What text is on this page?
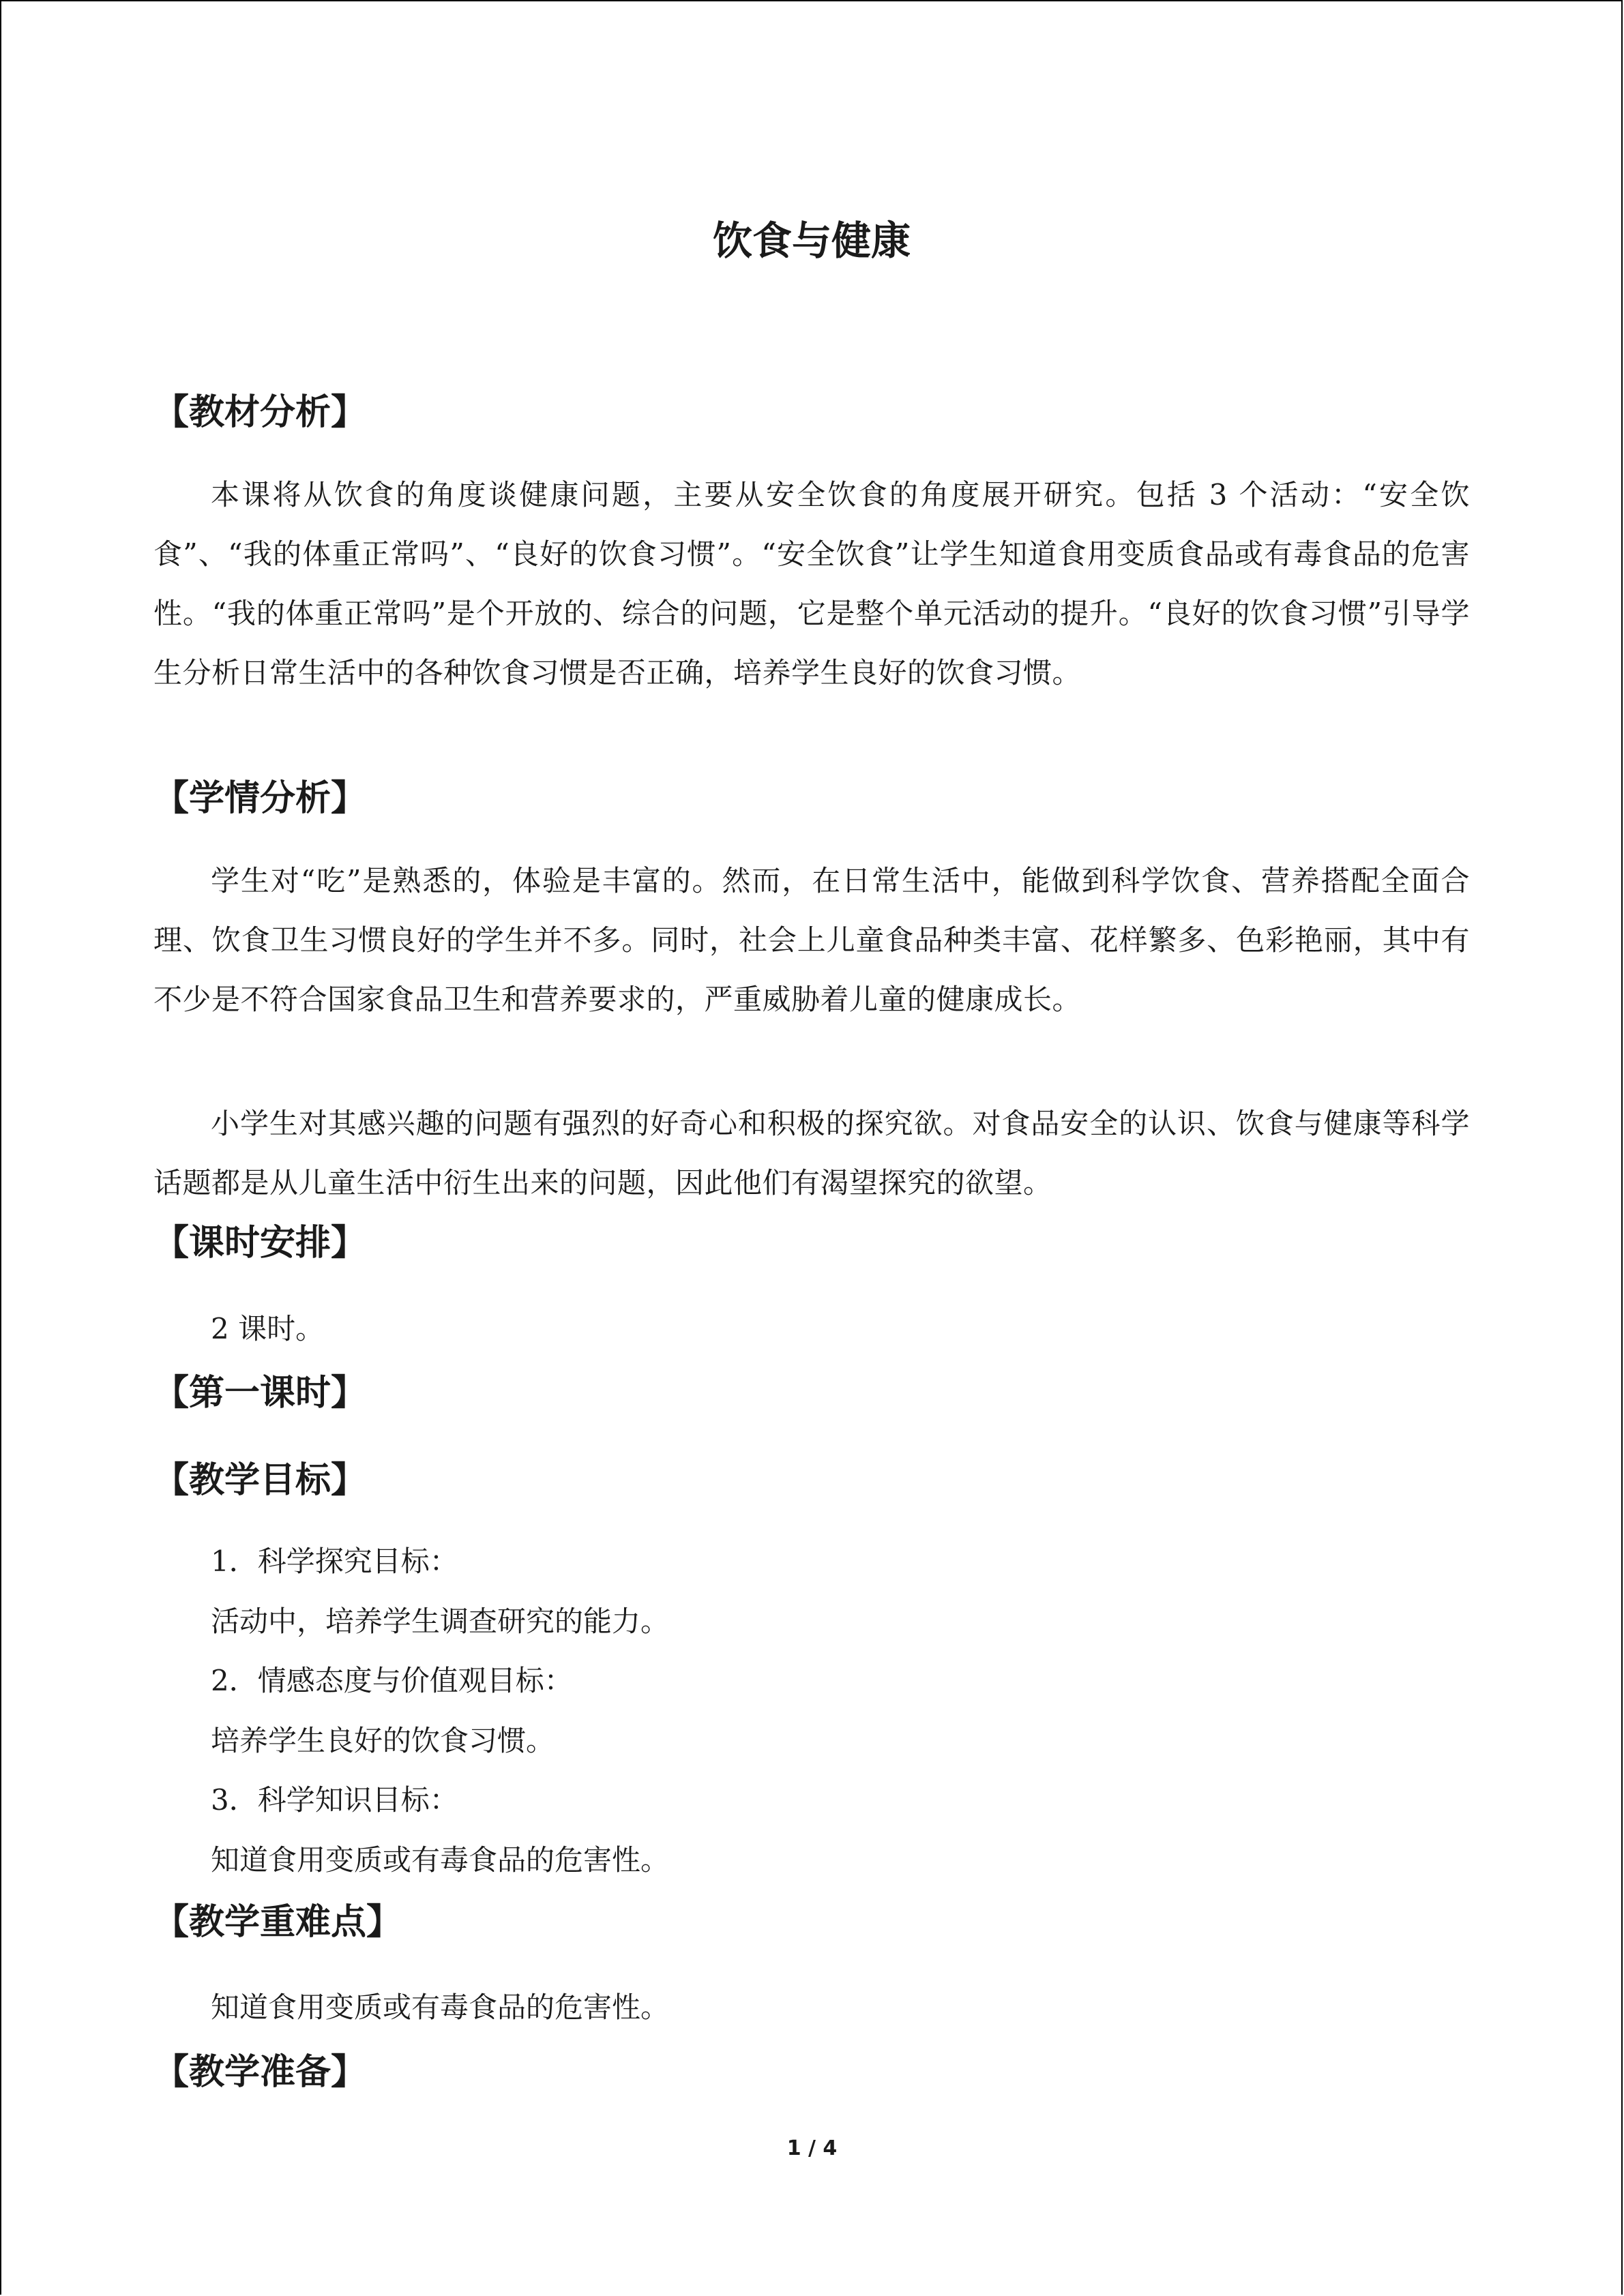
饮食与健康
【教材分析】

本课将从饮食的角度谈健康问题，主要从安全饮食的角度展开研究。包括 3 个活动：“安全饮食”、“我的体重正常吗”、“良好的饮食习惯”。“安全饮食”让学生知道食用变质食品或有毒食品的危害性。“我的体重正常吗”是个开放的、综合的问题，它是整个单元活动的提升。“良好的饮食习惯”引导学生分析日常生活中的各种饮食习惯是否正确，培养学生良好的饮食习惯。

【学情分析】

学生对“吃”是熟悉的，体验是丰富的。然而，在日常生活中，能做到科学饮食、营养搭配全面合理、饮食卫生习惯良好的学生并不多。同时，社会上儿童食品种类丰富、花样繁多、色彩艳丽，其中有不少是不符合国家食品卫生和营养要求的，严重威胁着儿童的健康成长。

小学生对其感兴趣的问题有强烈的好奇心和积极的探究欲。对食品安全的认识、饮食与健康等科学话题都是从儿童生活中衍生出来的问题，因此他们有渴望探究的欲望。

【课时安排】

2 课时。

【第一课时】
【教学目标】

1．科学探究目标：

活动中，培养学生调查研究的能力。

2．情感态度与价值观目标：

培养学生良好的饮食习惯。

3．科学知识目标：

知道食用变质或有毒食品的危害性。

【教学重难点】

知道食用变质或有毒食品的危害性。

【教学准备】
1 / 4
